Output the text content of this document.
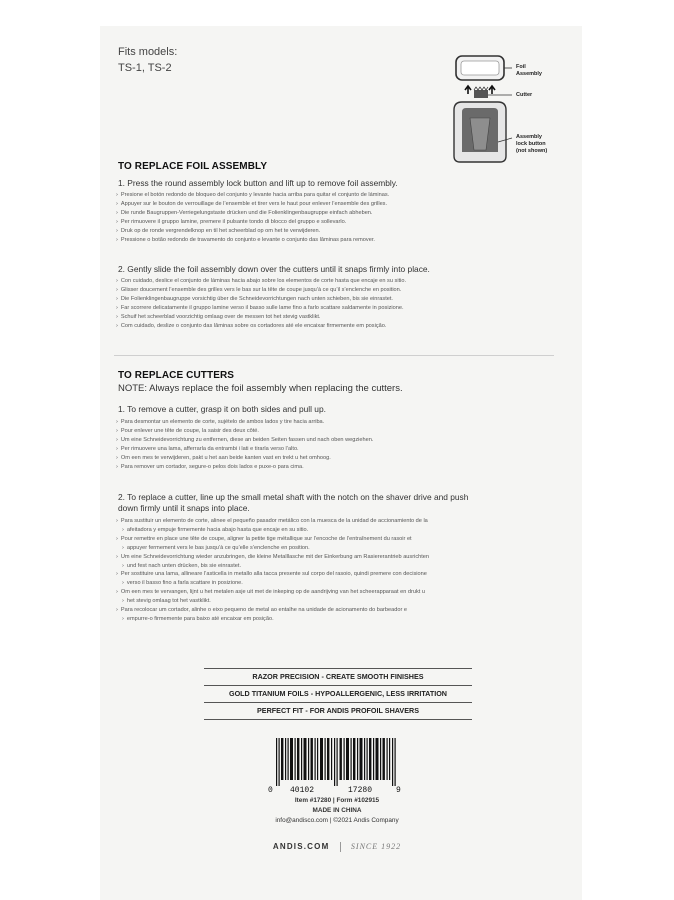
Fits models:
TS-1, TS-2	Foil
Assembly
Cutter
Assembly
lock button
(not shown)
TO REPLACE FOIL ASSEMBLY
1. Press the round assembly lock button and lift up to remove foil assembly.
› Presione el botón redondo de bloqueo del conjunto y levante hacia arriba para quitar el conjunto de láminas.
› Appuyer sur le bouton de verrouillage de l’ensemble et tirer vers le haut pour enlever l’ensemble des grilles.
› Die runde Baugruppen-Verriegelungstaste drücken und die Folienklingenbaugruppe einfach abheben.
› Per rimuovere il gruppo lamine, premere il pulsante tondo di blocco del gruppo e sollevarlo.
› Druk op de ronde vergrendelknop en til het scheerblad op om het te verwijderen.
› Pressione o botão redondo de travamento do conjunto e levante o conjunto das lâminas para remover.
2. Gently slide the foil assembly down over the cutters until it snaps firmly into place.
› Con cuidado, deslice el conjunto de láminas hacia abajo sobre los elementos de corte hasta que encaje en su sitio.
› Glisser doucement l’ensemble des grilles vers le bas sur la tête de coupe jusqu’à ce qu’il s’enclenche en position.
› Die Folienklingenbaugruppe vorsichtig über die Schneidevorrichtungen nach unten schieben, bis sie einrastet.
› Far scorrere delicatamente il gruppo lamine verso il basso sulle lame fino a farlo scattare saldamente in posizione.
› Schuif het scheerblad voorzichtig omlaag over de messen tot het stevig vastklikt.
› Com cuidado, deslize o conjunto das lâminas sobre os cortadores até ele encaixar firmemente em posição.
TO REPLACE CUTTERS
NOTE: Always replace the foil assembly when replacing the cutters.
1. To remove a cutter, grasp it on both sides and pull up.
› Para desmontar un elemento de corte, sujételo de ambos lados y tire hacia arriba.
› Pour enlever une tête de coupe, la saisir des deux côté.
› Um eine Schneidevorrichtung zu entfernen, diese an beiden Seiten fassen und nach oben wegziehen.
› Per rimuovere una lama, afferrarla da entrambi i lati e tirarla verso l’alto.
› Om een mes te verwijderen, pakt u het aan beide kanten vast en trekt u het omhoog.
› Para remover um cortador, segure-o pelos dois lados e puxe-o para cima.
2. To replace a cutter, line up the small metal shaft with the notch on the shaver drive and push
down firmly until it snaps into place.
› Para sustituir un elemento de corte, alinee el pequeño pasador metálico con la muesca de la unidad de accionamiento de la
› afeitadora y empuje firmemente hacia abajo hasta que encaje en su sitio.
› Pour remettre en place une tête de coupe, aligner la petite tige métallique sur l’encoche de l’entraînement du rasoir et
› appuyer fermement vers le bas jusqu’à ce qu’elle s’enclenche en position.
› Um eine Schneidevorrichtung wieder anzubringen, die kleine Metalllasche mit der Einkerbung am Rasiererantrieb ausrichten
› und fest nach unten drücken, bis sie einrastet.
› Per sostituire una lama, allineare l’asticella in metallo alla tacca presente sul corpo del rasoio, quindi premere con decisione
› verso il basso fino a farla scattare in posizione.
› Om een mes te vervangen, lijnt u het metalen asje uit met de inkeping op de aandrijving van het scheerapparaat en drukt u
› het stevig omlaag tot het vastklikt.
› Para recolocar um cortador, alinhe o eixo pequeno de metal ao entalhe na unidade de acionamento do barbeador e
› empurre-o firmemente para baixo até encaixar em posição.
RAZOR PRECISION - CREATE SMOOTH FINISHES
GOLD TITANIUM FOILS - HYPOALLERGENIC, LESS IRRITATION
PERFECT FIT - FOR ANDIS PROFOIL SHAVERS
0 40102	17280	9
Item #17280 | Form #102915
MADE IN CHINA
info@andisco.com | ©2021 Andis Company
ANDIS.COM	SINCE 1922
